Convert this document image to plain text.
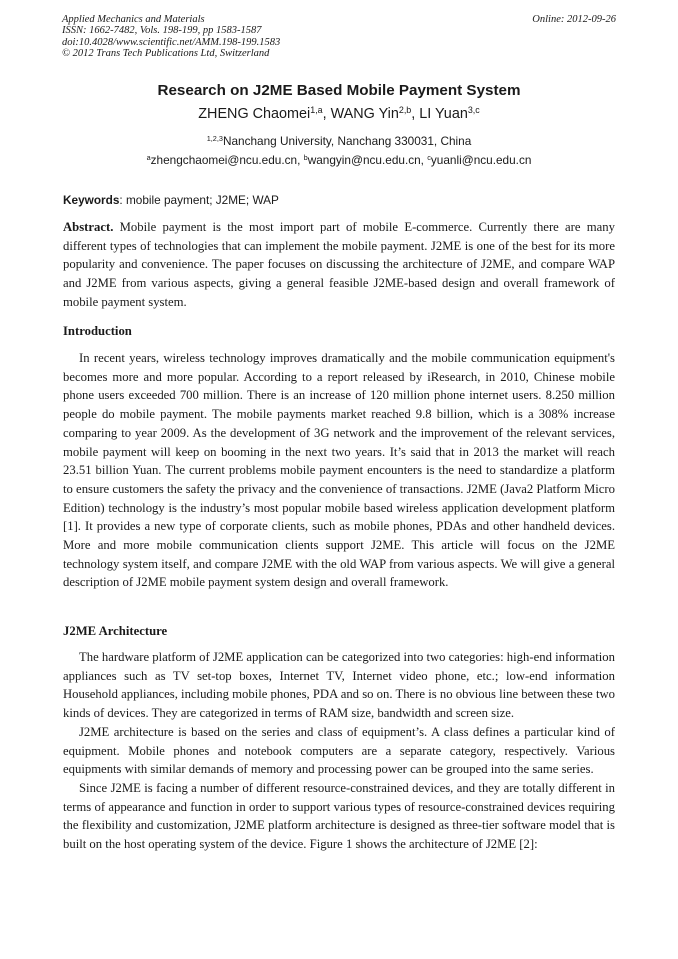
Applied Mechanics and Materials
ISSN: 1662-7482, Vols. 198-199, pp 1583-1587
doi:10.4028/www.scientific.net/AMM.198-199.1583
© 2012 Trans Tech Publications Ltd, Switzerland
Online: 2012-09-26
Research on J2ME Based Mobile Payment System
ZHENG Chaomei$^{1,a}$, WANG Yin$^{2,b}$, LI Yuan$^{3,c}$
$^{1,2,3}$Nanchang University, Nanchang 330031, China
$^a$zhengchaomei@ncu.edu.cn, $^b$wangyin@ncu.edu.cn, $^c$yuanli@ncu.edu.cn
Keywords: mobile payment; J2ME; WAP

Abstract. Mobile payment is the most import part of mobile E-commerce. Currently there are many different types of technologies that can implement the mobile payment. J2ME is one of the best for its more popularity and convenience. The paper focuses on discussing the architecture of J2ME, and compare WAP and J2ME from various aspects, giving a general feasible J2ME-based design and overall framework of mobile payment system.

Introduction

In recent years, wireless technology improves dramatically and the mobile communication equipment's becomes more and more popular. According to a report released by iResearch, in 2010, Chinese mobile phone users exceeded 700 million. There is an increase of 120 million phone internet users. 8.250 million people do mobile payment. The mobile payments market reached 9.8 billion, which is a 308% increase comparing to year 2009. As the development of 3G network and the improvement of the relevant services, mobile payment will keep on booming in the next two years. It’s said that in 2013 the market will reach 23.51 billion Yuan. The current problems mobile payment encounters is the need to standardize a platform to ensure customers the safety the privacy and the convenience of transactions. J2ME (Java2 Platform Micro Edition) technology is the industry’s most popular mobile based wireless application development platform [1]. It provides a new type of corporate clients, such as mobile phones, PDAs and other handheld devices. More and more mobile communication clients support J2ME. This article will focus on the J2ME technology system itself, and compare J2ME with the old WAP from various aspects. We will give a general description of J2ME mobile payment system design and overall framework.

J2ME Architecture

The hardware platform of J2ME application can be categorized into two categories: high-end information appliances such as TV set-top boxes, Internet TV, Internet video phone, etc.; low-end information Household appliances, including mobile phones, PDA and so on. There is no obvious line between these two kinds of devices. They are categorized in terms of RAM size, bandwidth and screen size.

J2ME architecture is based on the series and class of equipment’s. A class defines a particular kind of equipment. Mobile phones and notebook computers are a separate category, respectively. Various equipments with similar demands of memory and processing power can be grouped into the same series.

Since J2ME is facing a number of different resource-constrained devices, and they are totally different in terms of appearance and function in order to support various types of resource-constrained devices requiring the flexibility and customization, J2ME platform architecture is designed as three-tier software model that is built on the host operating system of the device. Figure 1 shows the architecture of J2ME [2]:
